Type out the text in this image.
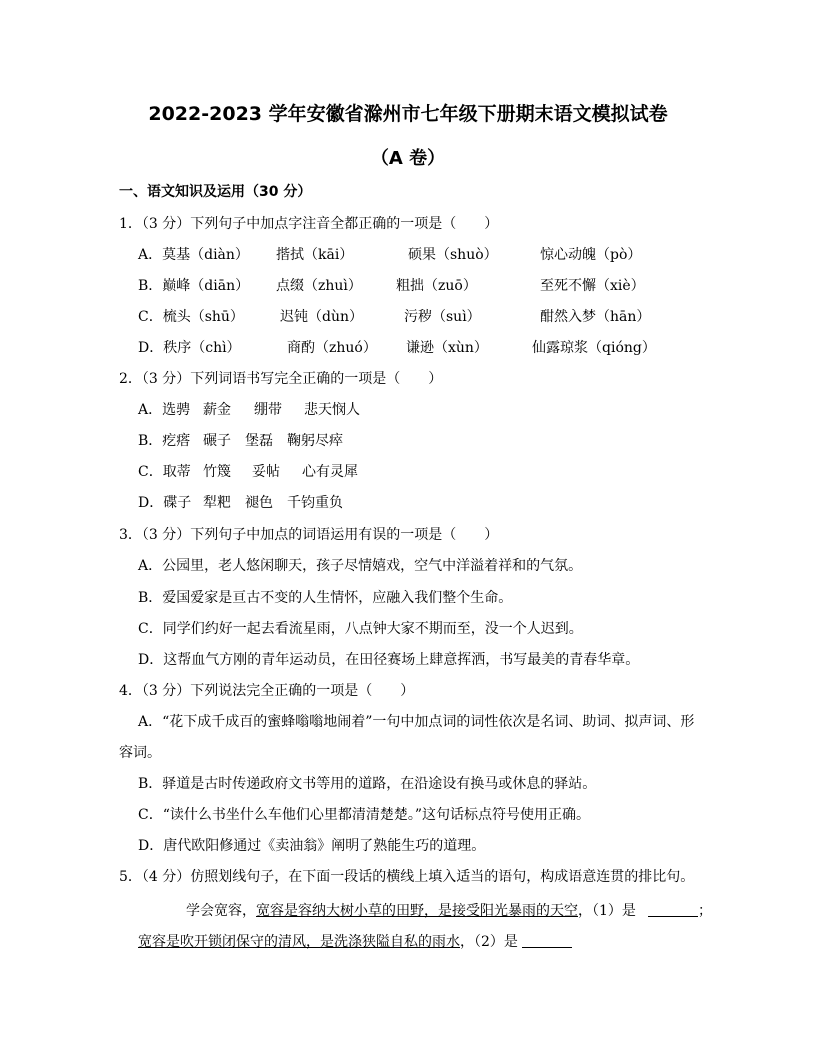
2022-2023 学年安徽省滁州市七年级下册期末语文模拟试卷
（A 卷）
一、语文知识及运用（30 分）
1．（3 分）下列句子中加点字注音全都正确的一项是（　　）
A．莫基（diàn） 揩拭（kāi）	硕果（shuò）	惊心动魄（pò）
B．巅峰（diān） 点缀（zhuì） 粗拙（zuō）	至死不懈（xiè）
C．梳头（shū）	迟钝（dùn）	污秽（suì）	酣然入梦（hān）
D．秩序（chì）	商酌（zhuó） 谦逊（xùn）	仙露琼浆（qióng）
2．（3 分）下列词语书写完全正确的一项是（　　）
A．选骋 薪金 绷带 悲天悯人
B．疙瘩 碾子 堡磊 鞠躬尽瘁
C．取蒂 竹篾 妥帖 心有灵犀
D．碟子 犁粑 褪色 千钧重负
3．（3 分）下列句子中加点的词语运用有误的一项是（　　）
A．公园里，老人悠闲聊天，孩子尽情嬉戏，空气中洋溢着祥和的气氛。
B．爱国爱家是亘古不变的人生情怀，应融入我们整个生命。
C．同学们约好一起去看流星雨，八点钟大家不期而至，没一个人迟到。
D．这帮血气方刚的青年运动员，在田径赛场上肆意挥洒，书写最美的青春华章。
4．（3 分）下列说法完全正确的一项是（　　）
A．“花下成千成百的蜜蜂嗡嗡地闹着”一句中加点词的词性依次是名词、助词、拟声词、形
容词。
B．驿道是古时传递政府文书等用的道路，在沿途设有换马或休息的驿站。
C．“读什么书坐什么车他们心里都清清楚楚。”这句话标点符号使用正确。
D．唐代欧阳修通过《卖油翁》阐明了熟能生巧的道理。
5．（4 分）仿照划线句子，在下面一段话的横线上填入适当的语句，构成语意连贯的排比句。
学会宽容，宽容是容纳大树小草的田野，是接受阳光暴雨的天空，（1）是	；
宽容是吹开锁闭保守的清风，是洗涤狭隘自私的雨水，（2）是
